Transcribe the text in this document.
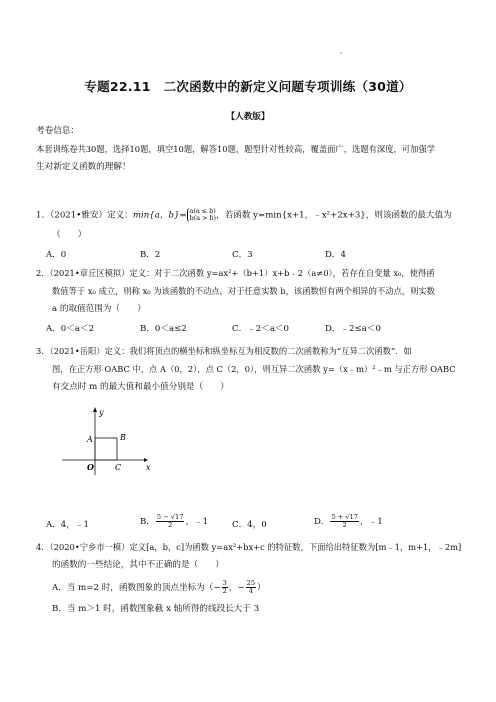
专题22.11　二次函数中的新定义问题专项训练（30道）
【人教版】
考卷信息：
本套训练卷共30题，选择10题，填空10题，解答10题，题型针对性较高，覆盖面广，选题有深度，可加强学
生对新定义函数的理解！
1．（2021•雅安）定义：min{a，b}= a(a ≤ b)
b(a > b) ，若函数 y=min{x+1，﹣x²+2x+3}，则该函数的最大值为
（　　）
A．0	B．2	C．3	D．4
2．（2021•章丘区模拟）定义：对于二次函数 y=ax²+（b+1）x+b﹣2（a≠0），若存在自变量 x₀，使得函
数值等于 x₀ 成立，则称 x₀ 为该函数的不动点，对于任意实数 b，该函数恒有两个相异的不动点，则实数
a 的取值范围为（　　）
A．0＜a＜2	B．0＜a≤2	C．﹣2＜a＜0	D．﹣2≤a＜0
3．（2021•岳阳）定义：我们将顶点的横坐标和纵坐标互为相反数的二次函数称为“互异二次函数”．如
图，在正方形 OABC 中，点 A（0，2），点 C（2，0），则互异二次函数 y=（x﹣m）²﹣m 与正方形 OABC
有交点时 m 的最大值和最小值分别是（　　）
y
x
A	B
O	C
A．4，﹣1	B． $\frac{5 - √17}{2}$ ，﹣1	C．4，0	D． $\frac{5 + √17}{2}$ ，﹣1
4．（2020•宁乡市一模）定义[a，b，c]为函数 y=ax²+bx+c 的特征数，下面给出特征数为[m﹣1，m+1，﹣2m]
的函数的一些结论，其中不正确的是（　　）
A．当 m=2 时，函数图象的顶点坐标为（− $\frac{3}{2}$ ，− $\frac{25}{4}$ ）
B．当 m＞1 时，函数图象截 x 轴所得的线段长大于 3
